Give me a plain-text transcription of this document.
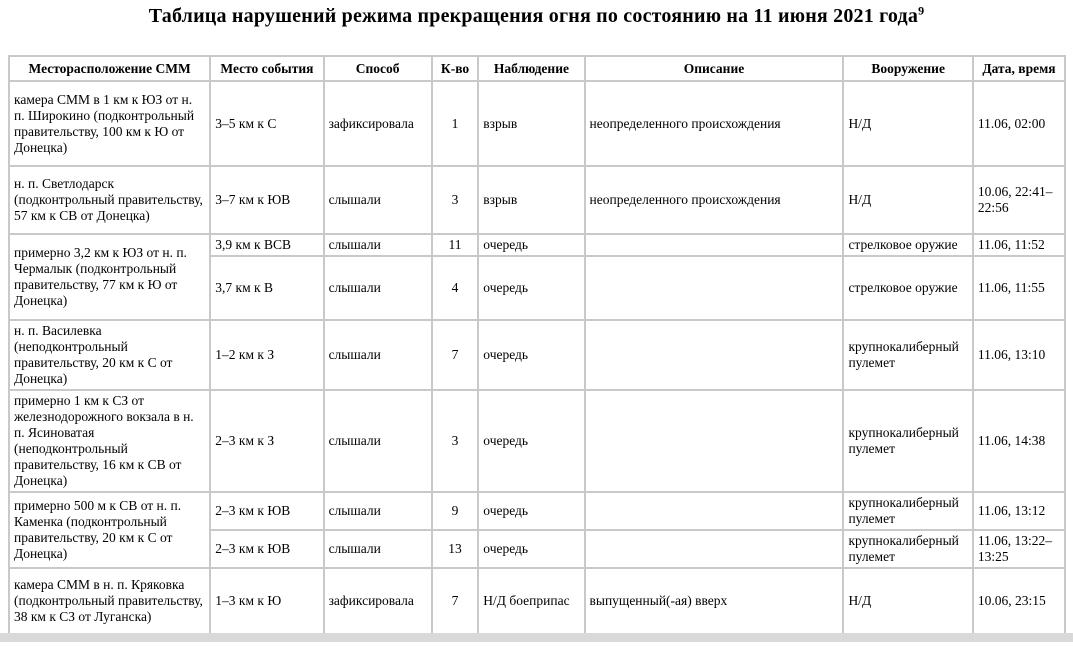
Таблица нарушений режима прекращения огня по состоянию на 11 июня 2021 года$^9$
Месторасположение СММ	Место события	Способ	К-во	Наблюдение	Описание	Вооружение	Дата, время
камера СММ в 1 км к ЮЗ от н. п. Широкино (подконтрольный правительству, 100 км к Ю от Донецка)	3–5 км к С	зафиксировала	1	взрыв	неопределенного происхождения	Н/Д	11.06, 02:00
н. п. Светлодарск (подконтрольный правительству, 57 км к СВ от Донецка)	3–7 км к ЮВ	слышали	3	взрыв	неопределенного происхождения	Н/Д	10.06, 22:41–22:56
примерно 3,2 км к ЮЗ от н. п. Чермалык (подконтрольный правительству, 77 км к Ю от Донецка)	3,9 км к ВСВ	слышали	11	очередь		стрелковое оружие	11.06, 11:52
	3,7 км к В	слышали	4	очередь		стрелковое оружие	11.06, 11:55
н. п. Василевка (неподконтрольный правительству, 20 км к С от Донецка)	1–2 км к З	слышали	7	очередь		крупнокалиберный пулемет	11.06, 13:10
примерно 1 км к СЗ от железнодорожного вокзала в н. п. Ясиноватая (неподконтрольный правительству, 16 км к СВ от Донецка)	2–3 км к З	слышали	3	очередь		крупнокалиберный пулемет	11.06, 14:38
примерно 500 м к СВ от н. п. Каменка (подконтрольный правительству, 20 км к С от Донецка)	2–3 км к ЮВ	слышали	9	очередь		крупнокалиберный пулемет	11.06, 13:12
	2–3 км к ЮВ	слышали	13	очередь		крупнокалиберный пулемет	11.06, 13:22–13:25
камера СММ в н. п. Кряковка (подконтрольный правительству, 38 км к СЗ от Луганска)	1–3 км к Ю	зафиксировала	7	Н/Д боеприпас	выпущенный(-ая) вверх	Н/Д	10.06, 23:15
